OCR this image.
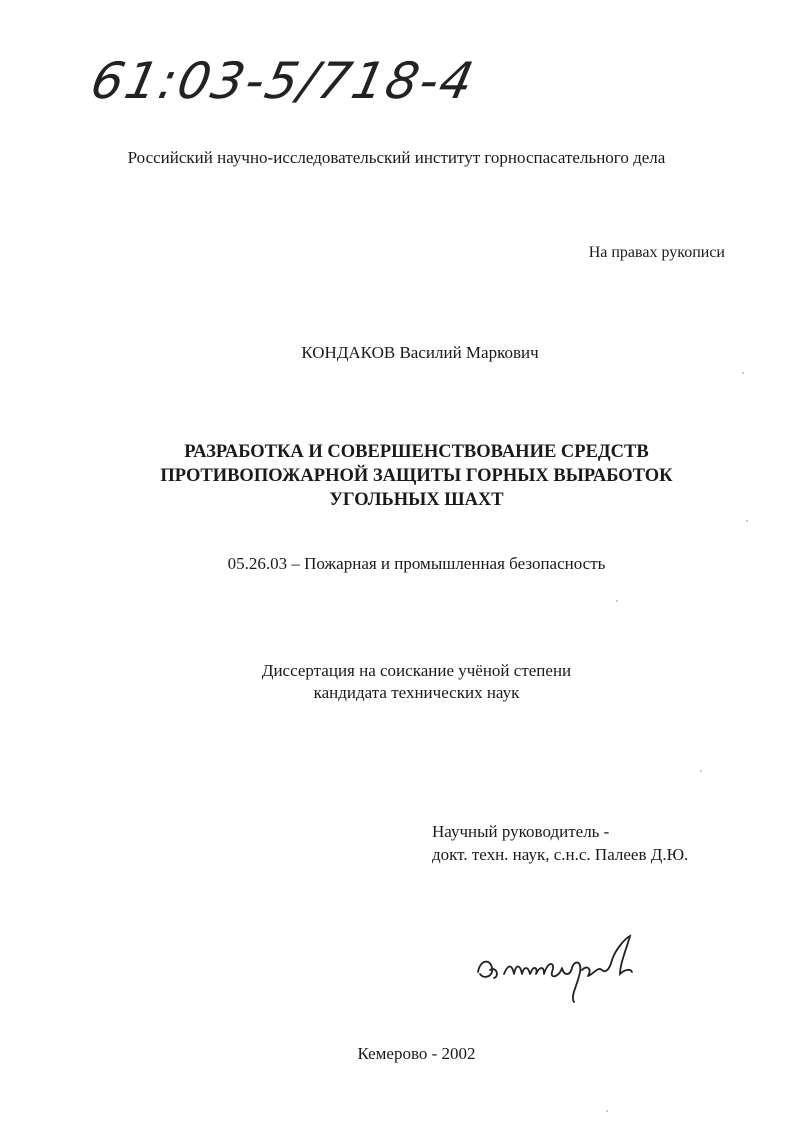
61:03-5/718-4
Российский научно-исследовательский институт горноспасательного дела
На правах рукописи
КОНДАКОВ Василий Маркович
РАЗРАБОТКА И СОВЕРШЕНСТВОВАНИЕ СРЕДСТВ
ПРОТИВОПОЖАРНОЙ ЗАЩИТЫ ГОРНЫХ ВЫРАБОТОК
УГОЛЬНЫХ ШАХТ
05.26.03 – Пожарная и промышленная безопасность
Диссертация на соискание учёной степени
кандидата технических наук
Научный руководитель -
докт. техн. наук, с.н.с. Палеев Д.Ю.
Кемерово - 2002
